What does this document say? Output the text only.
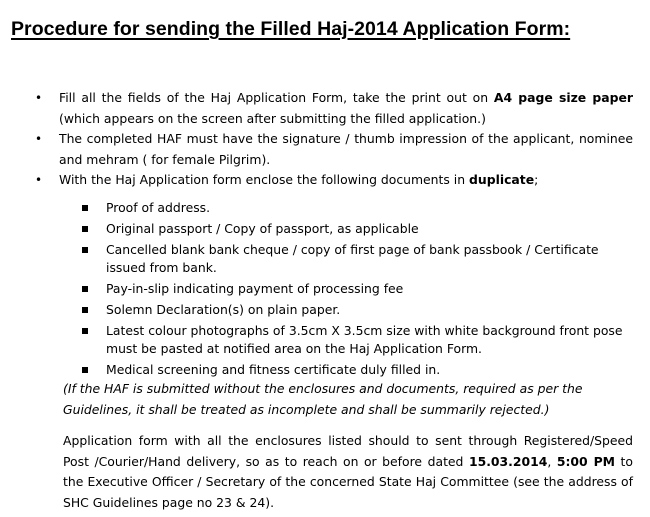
Procedure for sending the Filled Haj-2014 Application Form:
• Fill all the fields of the Haj Application Form, take the print out on A4 page size paper (which appears on the screen after submitting the filled application.)
• The completed HAF must have the signature / thumb impression of the applicant, nominee and mehram ( for female Pilgrim).
• With the Haj Application form enclose the following documents in duplicate;
Proof of address.
Original passport / Copy of passport, as applicable
Cancelled blank bank cheque / copy of first page of bank passbook / Certificate issued from bank.
Pay-in-slip indicating payment of processing fee
Solemn Declaration(s) on plain paper.
Latest colour photographs of 3.5cm X 3.5cm size with white background front pose must be pasted at notified area on the Haj Application Form.
Medical screening and fitness certificate duly filled in.
(If the HAF is submitted without the enclosures and documents, required as per the Guidelines, it shall be treated as incomplete and shall be summarily rejected.)
Application form with all the enclosures listed should to sent through Registered/Speed Post /Courier/Hand delivery, so as to reach on or before dated 15.03.2014, 5:00 PM to the Executive Officer / Secretary of the concerned State Haj Committee (see the address of SHC Guidelines page no 23 & 24).
